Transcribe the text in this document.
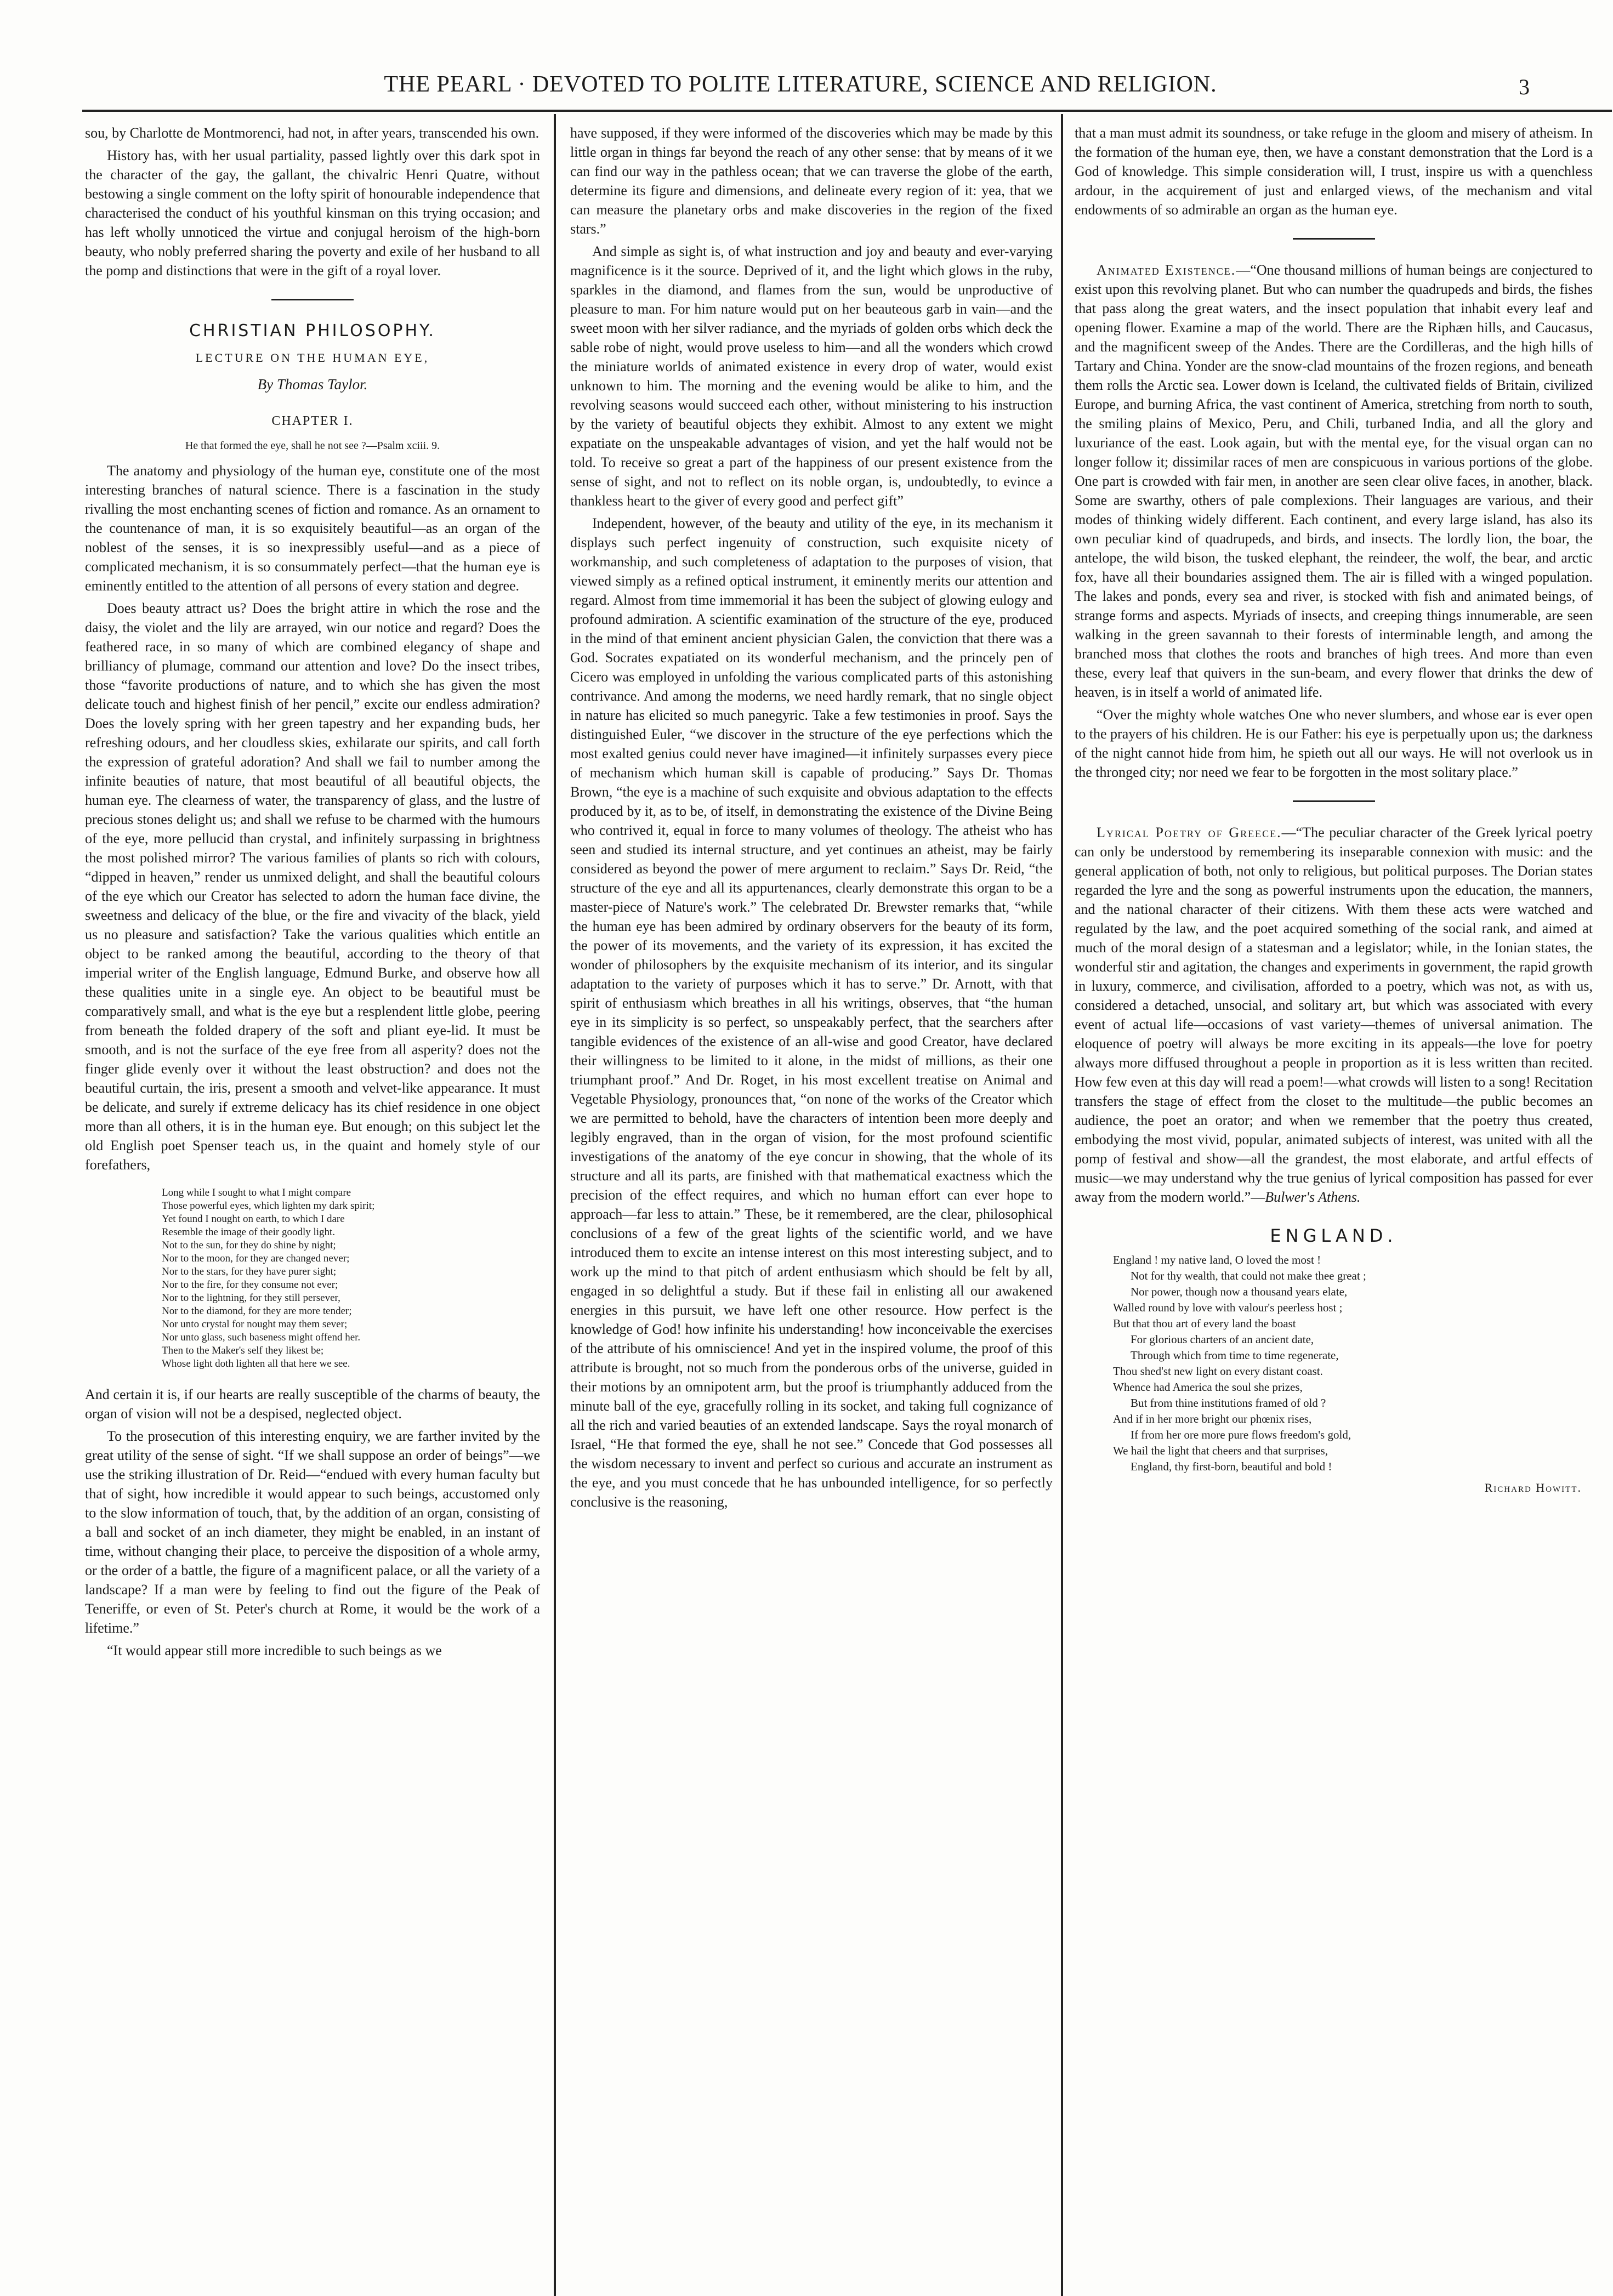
THE PEARL · DEVOTED TO POLITE LITERATURE, SCIENCE AND RELIGION.	3

sou, by Charlotte de Montmorenci, had not, in after years, transcended his own.

History has, with her usual partiality, passed lightly over this dark spot in the character of the gay, the gallant, the chivalric Henri Quatre, without bestowing a single comment on the lofty spirit of honourable independence that characterised the conduct of his youthful kinsman on this trying occasion; and has left wholly unnoticed the virtue and conjugal heroism of the high-born beauty, who nobly preferred sharing the poverty and exile of her husband to all the pomp and distinctions that were in the gift of a royal lover.

CHRISTIAN PHILOSOPHY.
LECTURE ON THE HUMAN EYE,
By Thomas Taylor.
CHAPTER I.
He that formed the eye, shall he not see ?—Psalm xciii. 9.

The anatomy and physiology of the human eye, constitute one of the most interesting branches of natural science. There is a fascination in the study rivalling the most enchanting scenes of fiction and romance. As an ornament to the countenance of man, it is so exquisitely beautiful—as an organ of the noblest of the senses, it is so inexpressibly useful—and as a piece of complicated mechanism, it is so consummately perfect—that the human eye is eminently entitled to the attention of all persons of every station and degree.

Does beauty attract us? Does the bright attire in which the rose and the daisy, the violet and the lily are arrayed, win our notice and regard? Does the feathered race, in so many of which are combined elegancy of shape and brilliancy of plumage, command our attention and love? Do the insect tribes, those “favorite productions of nature, and to which she has given the most delicate touch and highest finish of her pencil,” excite our endless admiration? Does the lovely spring with her green tapestry and her expanding buds, her refreshing odours, and her cloudless skies, exhilarate our spirits, and call forth the expression of grateful adoration? And shall we fail to number among the infinite beauties of nature, that most beautiful of all beautiful objects, the human eye. The clearness of water, the transparency of glass, and the lustre of precious stones delight us; and shall we refuse to be charmed with the humours of the eye, more pellucid than crystal, and infinitely surpassing in brightness the most polished mirror? The various families of plants so rich with colours, “dipped in heaven,” render us unmixed delight, and shall the beautiful colours of the eye which our Creator has selected to adorn the human face divine, the sweetness and delicacy of the blue, or the fire and vivacity of the black, yield us no pleasure and satisfaction? Take the various qualities which entitle an object to be ranked among the beautiful, according to the theory of that imperial writer of the English language, Edmund Burke, and observe how all these qualities unite in a single eye. An object to be beautiful must be comparatively small, and what is the eye but a resplendent little globe, peering from beneath the folded drapery of the soft and pliant eye-lid. It must be smooth, and is not the surface of the eye free from all asperity? does not the finger glide evenly over it without the least obstruction? and does not the beautiful curtain, the iris, present a smooth and velvet-like appearance. It must be delicate, and surely if extreme delicacy has its chief residence in one object more than all others, it is in the human eye. But enough; on this subject let the old English poet Spenser teach us, in the quaint and homely style of our forefathers,

Long while I sought to what I might compare
Those powerful eyes, which lighten my dark spirit;
Yet found I nought on earth, to which I dare
Resemble the image of their goodly light.
Not to the sun, for they do shine by night;
Nor to the moon, for they are changed never;
Nor to the stars, for they have purer sight;
Nor to the fire, for they consume not ever;
Nor to the lightning, for they still persever,
Nor to the diamond, for they are more tender;
Nor unto crystal for nought may them sever;
Nor unto glass, such baseness might offend her.
Then to the Maker's self they likest be;
Whose light doth lighten all that here we see.

And certain it is, if our hearts are really susceptible of the charms of beauty, the organ of vision will not be a despised, neglected object.

To the prosecution of this interesting enquiry, we are farther invited by the great utility of the sense of sight. “If we shall suppose an order of beings”—we use the striking illustration of Dr. Reid—“endued with every human faculty but that of sight, how incredible it would appear to such beings, accustomed only to the slow information of touch, that, by the addition of an organ, consisting of a ball and socket of an inch diameter, they might be enabled, in an instant of time, without changing their place, to perceive the disposition of a whole army, or the order of a battle, the figure of a magnificent palace, or all the variety of a landscape? If a man were by feeling to find out the figure of the Peak of Teneriffe, or even of St. Peter's church at Rome, it would be the work of a lifetime.”

“It would appear still more incredible to such beings as we

have supposed, if they were informed of the discoveries which may be made by this little organ in things far beyond the reach of any other sense: that by means of it we can find our way in the pathless ocean; that we can traverse the globe of the earth, determine its figure and dimensions, and delineate every region of it: yea, that we can measure the planetary orbs and make discoveries in the region of the fixed stars.”

And simple as sight is, of what instruction and joy and beauty and ever-varying magnificence is it the source. Deprived of it, and the light which glows in the ruby, sparkles in the diamond, and flames from the sun, would be unproductive of pleasure to man. For him nature would put on her beauteous garb in vain—and the sweet moon with her silver radiance, and the myriads of golden orbs which deck the sable robe of night, would prove useless to him—and all the wonders which crowd the miniature worlds of animated existence in every drop of water, would exist unknown to him. The morning and the evening would be alike to him, and the revolving seasons would succeed each other, without ministering to his instruction by the variety of beautiful objects they exhibit. Almost to any extent we might expatiate on the unspeakable advantages of vision, and yet the half would not be told. To receive so great a part of the happiness of our present existence from the sense of sight, and not to reflect on its noble organ, is, undoubtedly, to evince a thankless heart to the giver of every good and perfect gift”

Independent, however, of the beauty and utility of the eye, in its mechanism it displays such perfect ingenuity of construction, such exquisite nicety of workmanship, and such completeness of adaptation to the purposes of vision, that viewed simply as a refined optical instrument, it eminently merits our attention and regard. Almost from time immemorial it has been the subject of glowing eulogy and profound admiration. A scientific examination of the structure of the eye, produced in the mind of that eminent ancient physician Galen, the conviction that there was a God. Socrates expatiated on its wonderful mechanism, and the princely pen of Cicero was employed in unfolding the various complicated parts of this astonishing contrivance. And among the moderns, we need hardly remark, that no single object in nature has elicited so much panegyric. Take a few testimonies in proof. Says the distinguished Euler, “we discover in the structure of the eye perfections which the most exalted genius could never have imagined—it infinitely surpasses every piece of mechanism which human skill is capable of producing.” Says Dr. Thomas Brown, “the eye is a machine of such exquisite and obvious adaptation to the effects produced by it, as to be, of itself, in demonstrating the existence of the Divine Being who contrived it, equal in force to many volumes of theology. The atheist who has seen and studied its internal structure, and yet continues an atheist, may be fairly considered as beyond the power of mere argument to reclaim.” Says Dr. Reid, “the structure of the eye and all its appurtenances, clearly demonstrate this organ to be a master-piece of Nature's work.” The celebrated Dr. Brewster remarks that, “while the human eye has been admired by ordinary observers for the beauty of its form, the power of its movements, and the variety of its expression, it has excited the wonder of philosophers by the exquisite mechanism of its interior, and its singular adaptation to the variety of purposes which it has to serve.” Dr. Arnott, with that spirit of enthusiasm which breathes in all his writings, observes, that “the human eye in its simplicity is so perfect, so unspeakably perfect, that the searchers after tangible evidences of the existence of an all-wise and good Creator, have declared their willingness to be limited to it alone, in the midst of millions, as their one triumphant proof.” And Dr. Roget, in his most excellent treatise on Animal and Vegetable Physiology, pronounces that, “on none of the works of the Creator which we are permitted to behold, have the characters of intention been more deeply and legibly engraved, than in the organ of vision, for the most profound scientific investigations of the anatomy of the eye concur in showing, that the whole of its structure and all its parts, are finished with that mathematical exactness which the precision of the effect requires, and which no human effort can ever hope to approach—far less to attain.” These, be it remembered, are the clear, philosophical conclusions of a few of the great lights of the scientific world, and we have introduced them to excite an intense interest on this most interesting subject, and to work up the mind to that pitch of ardent enthusiasm which should be felt by all, engaged in so delightful a study. But if these fail in enlisting all our awakened energies in this pursuit, we have left one other resource. How perfect is the knowledge of God! how infinite his understanding! how inconceivable the exercises of the attribute of his omniscience! And yet in the inspired volume, the proof of this attribute is brought, not so much from the ponderous orbs of the universe, guided in their motions by an omnipotent arm, but the proof is triumphantly adduced from the minute ball of the eye, gracefully rolling in its socket, and taking full cognizance of all the rich and varied beauties of an extended landscape. Says the royal monarch of Israel, “He that formed the eye, shall he not see.” Concede that God possesses all the wisdom necessary to invent and perfect so curious and accurate an instrument as the eye, and you must concede that he has unbounded intelligence, for so perfectly conclusive is the reasoning,

that a man must admit its soundness, or take refuge in the gloom and misery of atheism. In the formation of the human eye, then, we have a constant demonstration that the Lord is a God of knowledge. This simple consideration will, I trust, inspire us with a quenchless ardour, in the acquirement of just and enlarged views, of the mechanism and vital endowments of so admirable an organ as the human eye.

Animated Existence.—“One thousand millions of human beings are conjectured to exist upon this revolving planet. But who can number the quadrupeds and birds, the fishes that pass along the great waters, and the insect population that inhabit every leaf and opening flower. Examine a map of the world. There are the Riphæn hills, and Caucasus, and the magnificent sweep of the Andes. There are the Cordilleras, and the high hills of Tartary and China. Yonder are the snow-clad mountains of the frozen regions, and beneath them rolls the Arctic sea. Lower down is Iceland, the cultivated fields of Britain, civilized Europe, and burning Africa, the vast continent of America, stretching from north to south, the smiling plains of Mexico, Peru, and Chili, turbaned India, and all the glory and luxuriance of the east. Look again, but with the mental eye, for the visual organ can no longer follow it; dissimilar races of men are conspicuous in various portions of the globe. One part is crowded with fair men, in another are seen clear olive faces, in another, black. Some are swarthy, others of pale complexions. Their languages are various, and their modes of thinking widely different. Each continent, and every large island, has also its own peculiar kind of quadrupeds, and birds, and insects. The lordly lion, the boar, the antelope, the wild bison, the tusked elephant, the reindeer, the wolf, the bear, and arctic fox, have all their boundaries assigned them. The air is filled with a winged population. The lakes and ponds, every sea and river, is stocked with fish and animated beings, of strange forms and aspects. Myriads of insects, and creeping things innumerable, are seen walking in the green savannah to their forests of interminable length, and among the branched moss that clothes the roots and branches of high trees. And more than even these, every leaf that quivers in the sun-beam, and every flower that drinks the dew of heaven, is in itself a world of animated life.

“Over the mighty whole watches One who never slumbers, and whose ear is ever open to the prayers of his children. He is our Father: his eye is perpetually upon us; the darkness of the night cannot hide from him, he spieth out all our ways. He will not overlook us in the thronged city; nor need we fear to be forgotten in the most solitary place.”

Lyrical Poetry of Greece.—“The peculiar character of the Greek lyrical poetry can only be understood by remembering its inseparable connexion with music: and the general application of both, not only to religious, but political purposes. The Dorian states regarded the lyre and the song as powerful instruments upon the education, the manners, and the national character of their citizens. With them these acts were watched and regulated by the law, and the poet acquired something of the social rank, and aimed at much of the moral design of a statesman and a legislator; while, in the Ionian states, the wonderful stir and agitation, the changes and experiments in government, the rapid growth in luxury, commerce, and civilisation, afforded to a poetry, which was not, as with us, considered a detached, unsocial, and solitary art, but which was associated with every event of actual life—occasions of vast variety—themes of universal animation. The eloquence of poetry will always be more exciting in its appeals—the love for poetry always more diffused throughout a people in proportion as it is less written than recited. How few even at this day will read a poem!—what crowds will listen to a song! Recitation transfers the stage of effect from the closet to the multitude—the public becomes an audience, the poet an orator; and when we remember that the poetry thus created, embodying the most vivid, popular, animated subjects of interest, was united with all the pomp of festival and show—all the grandest, the most elaborate, and artful effects of music—we may understand why the true genius of lyrical composition has passed for ever away from the modern world.”—Bulwer's Athens.

ENGLAND.
England ! my native land, O loved the most !
Not for thy wealth, that could not make thee great ;
Nor power, though now a thousand years elate,
Walled round by love with valour's peerless host ;
But that thou art of every land the boast
For glorious charters of an ancient date,
Through which from time to time regenerate,
Thou shed'st new light on every distant coast.
Whence had America the soul she prizes,
But from thine institutions framed of old ?
And if in her more bright our phœnix rises,
If from her ore more pure flows freedom's gold,
We hail the light that cheers and that surprises,
England, thy first-born, beautiful and bold !
Richard Howitt.
